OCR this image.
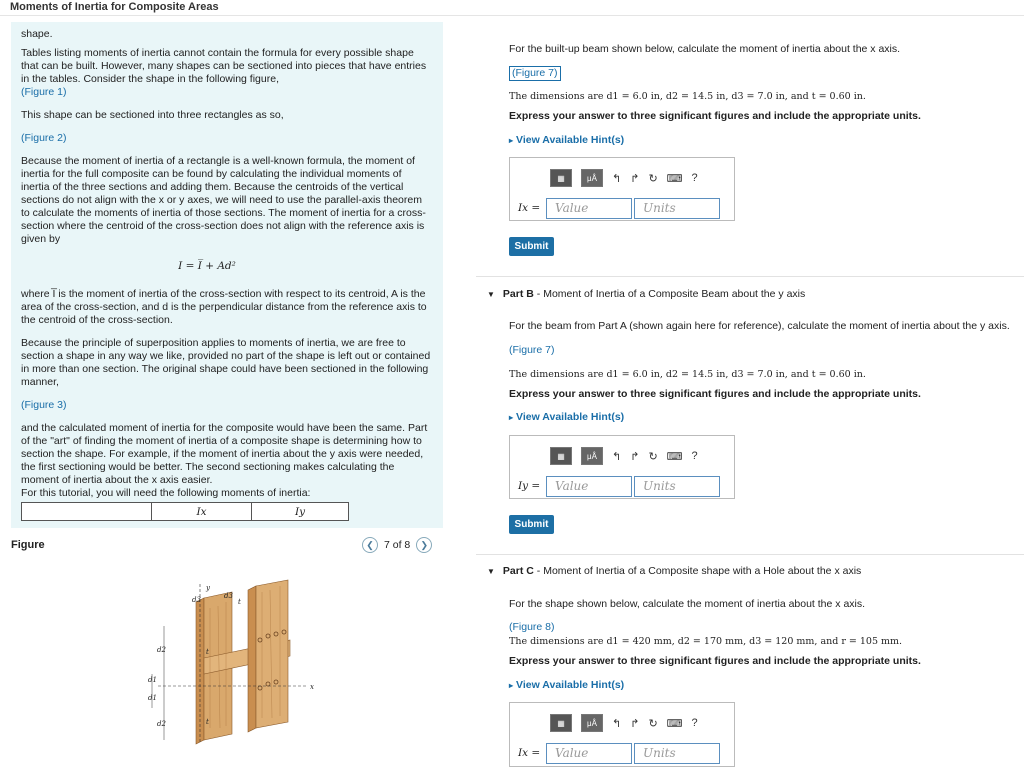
Moments of Inertia for Composite Areas

shape.

Tables listing moments of inertia cannot contain the formula for every possible shape that can be built. However, many shapes can be sectioned into pieces that have entries in the tables. Consider the shape in the following figure,
(Figure 1)

This shape can be sectioned into three rectangles as so,

(Figure 2)

Because the moment of inertia of a rectangle is a well-known formula, the moment of inertia for the full composite can be found by calculating the individual moments of inertia of the three sections and adding them. Because the centroids of the vertical sections do not align with the x or y axes, we will need to use the parallel-axis theorem to calculate the moments of inertia of those sections. The moment of inertia for a cross-section where the centroid of the cross-section does not align with the reference axis is given by

I = I̅ + Ad²

where I̅ is the moment of inertia of the cross-section with respect to its centroid, A is the area of the cross-section, and d is the perpendicular distance from the reference axis to the centroid of the cross-section.

Because the principle of superposition applies to moments of inertia, we are free to section a shape in any way we like, provided no part of the shape is left out or contained in more than one section. The original shape could have been sectioned in the following manner,

(Figure 3)

and the calculated moment of inertia for the composite would have been the same. Part of the "art" of finding the moment of inertia of a composite shape is determining how to section the shape. For example, if the moment of inertia about the y axis were needed, the first sectioning would be better. The second sectioning makes calculating the moment of inertia about the x axis easier.

For this tutorial, you will need the following moments of inertia:

	Ix	Iy
Figure	❮ 7 of 8	❯
y
x
d2
d1
d1
d2
d3	d3
t
t
t
For the built-up beam shown below, calculate the moment of inertia about the x axis.
(Figure 7)
The dimensions are d1 = 6.0 in, d2 = 14.5 in, d3 = 7.0 in, and t = 0.60 in.
Express your answer to three significant figures and include the appropriate units.
▸ View Available Hint(s)
▦	μÅ	↰ ↱ ↻ ⌨ ?
Ix =	Value	Units
Submit
▼ Part B - Moment of Inertia of a Composite Beam about the y axis
For the beam from Part A (shown again here for reference), calculate the moment of inertia about the y axis.
(Figure 7)
The dimensions are d1 = 6.0 in, d2 = 14.5 in, d3 = 7.0 in, and t = 0.60 in.
Express your answer to three significant figures and include the appropriate units.
▸ View Available Hint(s)
▦	μÅ	↰ ↱ ↻ ⌨ ?
Iy =	Value	Units
Submit
▼ Part C - Moment of Inertia of a Composite shape with a Hole about the x axis
For the shape shown below, calculate the moment of inertia about the x axis.
(Figure 8)
The dimensions are d1 = 420 mm, d2 = 170 mm, d3 = 120 mm, and r = 105 mm.
Express your answer to three significant figures and include the appropriate units.
▸ View Available Hint(s)
▦	μÅ	↰ ↱ ↻ ⌨ ?
Ix =	Value	Units
